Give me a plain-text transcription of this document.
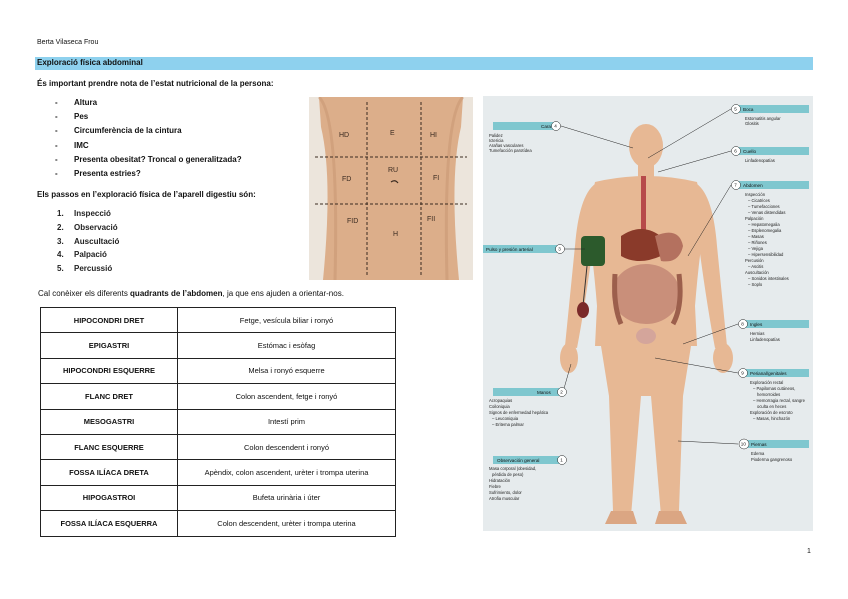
Berta Vilaseca Frou
Exploració física abdominal
És important prendre nota de l’estat nutricional de la persona:
- Altura
- Pes
- Circumferència de la cintura
- IMC
- Presenta obesitat? Troncal o generalitzada?
- Presenta estries?
Els passos en l’exploració física de l’aparell digestiu són:
1. Inspecció
2. Observació
3. Auscultació
4. Palpació
5. Percussió
Cal conèixer els diferents quadrants de l’abdomen, ja que ens ajuden a orientar-nos.
HIPOCONDRI DRET	Fetge, vesícula biliar i ronyó
EPIGASTRI	Estómac i esòfag
HIPOCONDRI ESQUERRE	Melsa i ronyó esquerre
FLANC DRET	Colon ascendent, fetge i ronyó
MESOGASTRI	Intestí prim
FLANC ESQUERRE	Colon descendent i ronyó
FOSSA ILÍACA DRETA	Apèndix, colon ascendent, urèter i trompa uterina
HIPOGASTROI	Bufeta urinària i úter
FOSSA ILÍACA ESQUERRA	Colon descendent, urèter i trompa uterina
HD	E	HI
FD
RU
FI
FID
H
FII
Cara 4
Palidez
Ictericia
Arañas vasculares
Tumefacción parotídea
5 Boca
Estomatitis angular
Glositis
6 Cuello
Linfadenopatías
7 Abdomen
Inspección
– Cicatrices
– Tumefacciones
– Venas distendidas
Palpación
– Hepatomegalia
– Esplenomegalia
– Masas
– Riñones
– Vejiga
– Hipersensibilidad
Percusión
– Ascitis
Auscultación
– Sonidos intestinales
– Soplo
Pulso y presión arterial	3
8 Ingles
Hernias
Linfadenopatías
Manos 2
Acropaquias
Coiloniquia
Signos de enfermedad hepática
– Leuconiquia
– Eritema palmar
9 Perianal/genitales
Exploración rectal
– Papilomas cutáneos,
hemorroides
– Hemorragia rectal, sangre
oculta en heces
Exploración de escroto
– Masas, hinchazón
Observación general	1
Masa corporal (obesidad,
pérdida de peso)
Hidratación
Fiebre
Sufrimiento, dolor
Atrofia muscular
10 Piernas
Edema
Pioderma gangrenoso
1
